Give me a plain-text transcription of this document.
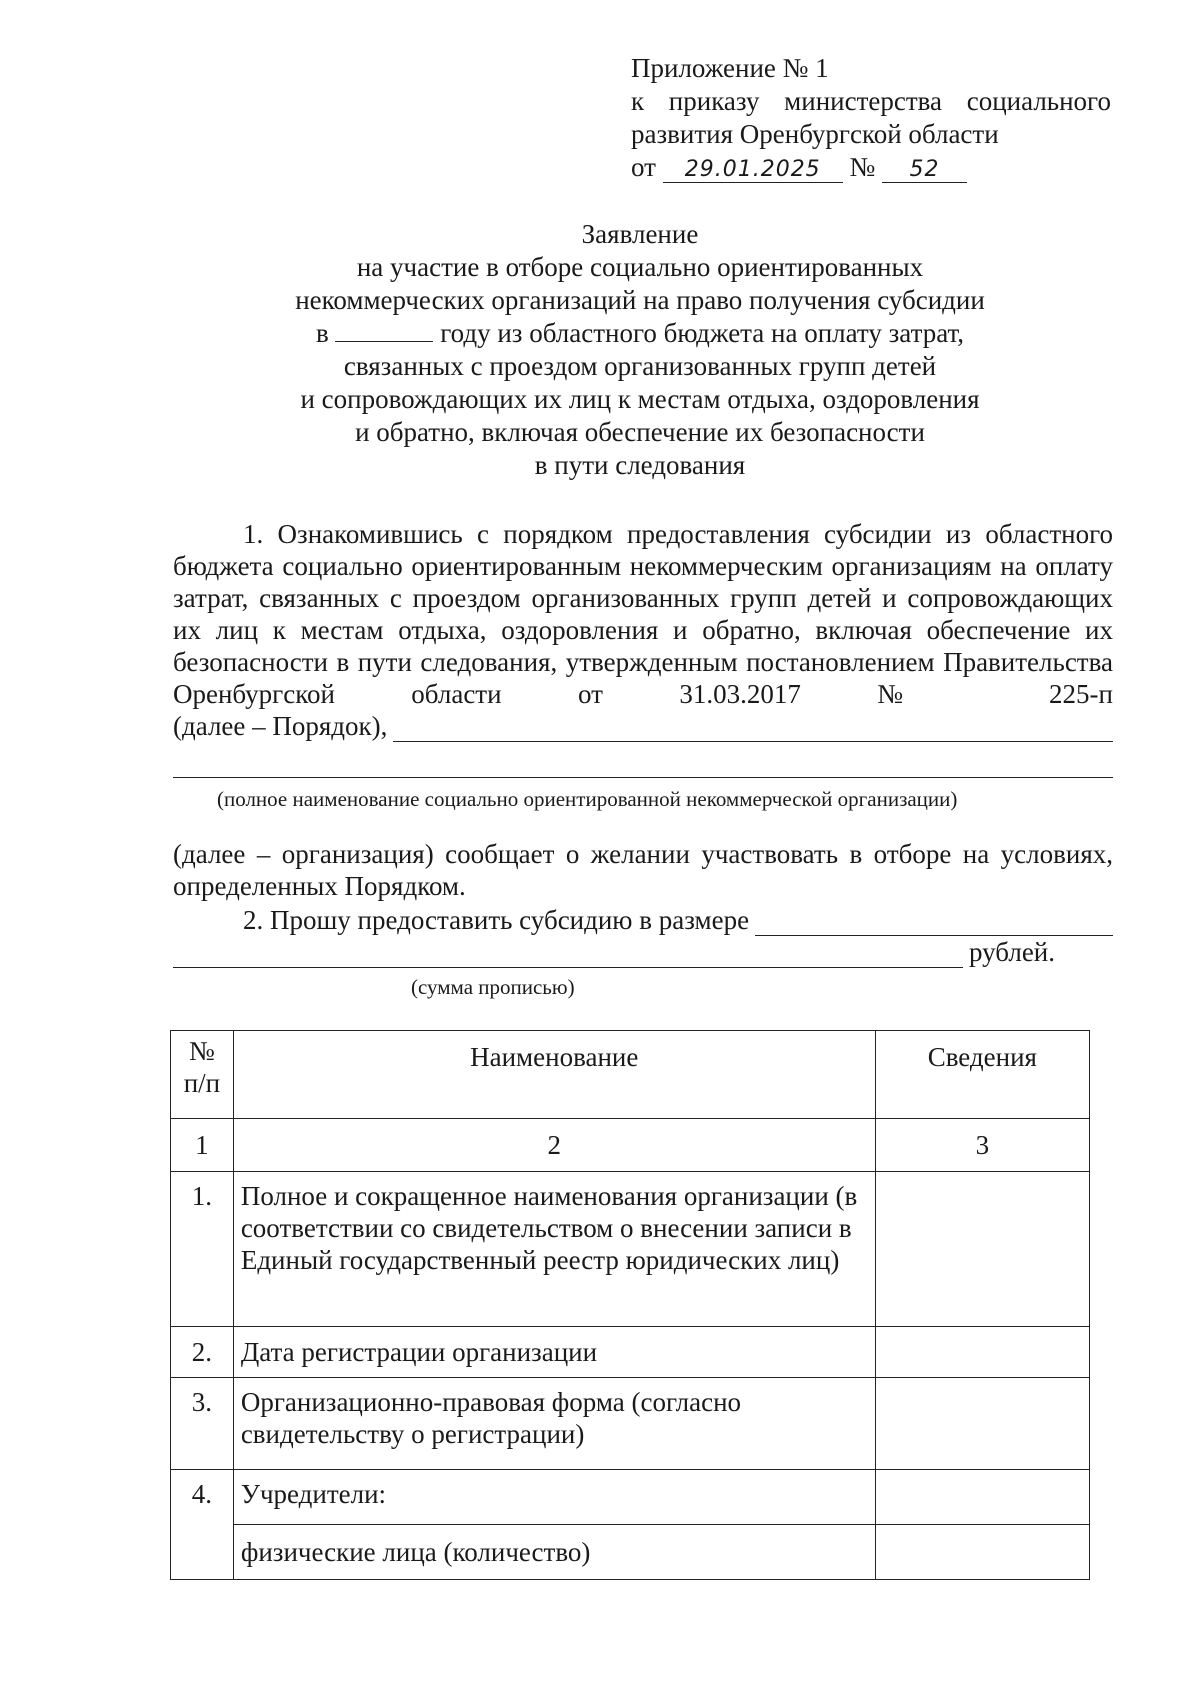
Приложение № 1
к приказу министерства социального
развития Оренбургской области
от 29.01.2025 № 52
Заявление
на участие в отборе социально ориентированных
некоммерческих организаций на право получения субсидии
в	году из областного бюджета на оплату затрат,
связанных с проездом организованных групп детей
и сопровождающих их лиц к местам отдыха, оздоровления
и обратно, включая обеспечение их безопасности
в пути следования
1. Ознакомившись с порядком предоставления субсидии из областного бюджета социально ориентированным некоммерческим организациям на оплату затрат, связанных с проездом организованных групп детей и сопровождающих их лиц к местам отдыха, оздоровления и обратно, включая обеспечение их безопасности в пути следования, утвержденным постановлением Правительства Оренбургской области от 31.03.2017 № 225-п
(далее – Порядок),
(полное наименование социально ориентированной некоммерческой организации)
(далее – организация) сообщает о желании участвовать в отборе на условиях, определенных Порядком.
2. Прошу предоставить субсидию в размере
рублей.
(сумма прописью)
№ п/п	Наименование	Сведения
1	2	3
1.	Полное и сокращенное наименования организации (в соответствии со свидетельством о внесении записи в Единый государственный реестр юридических лиц)	
2.	Дата регистрации организации	
3.	Организационно-правовая форма (согласно свидетельству о регистрации)	
4.	Учредители:	
	физические лица (количество)	
